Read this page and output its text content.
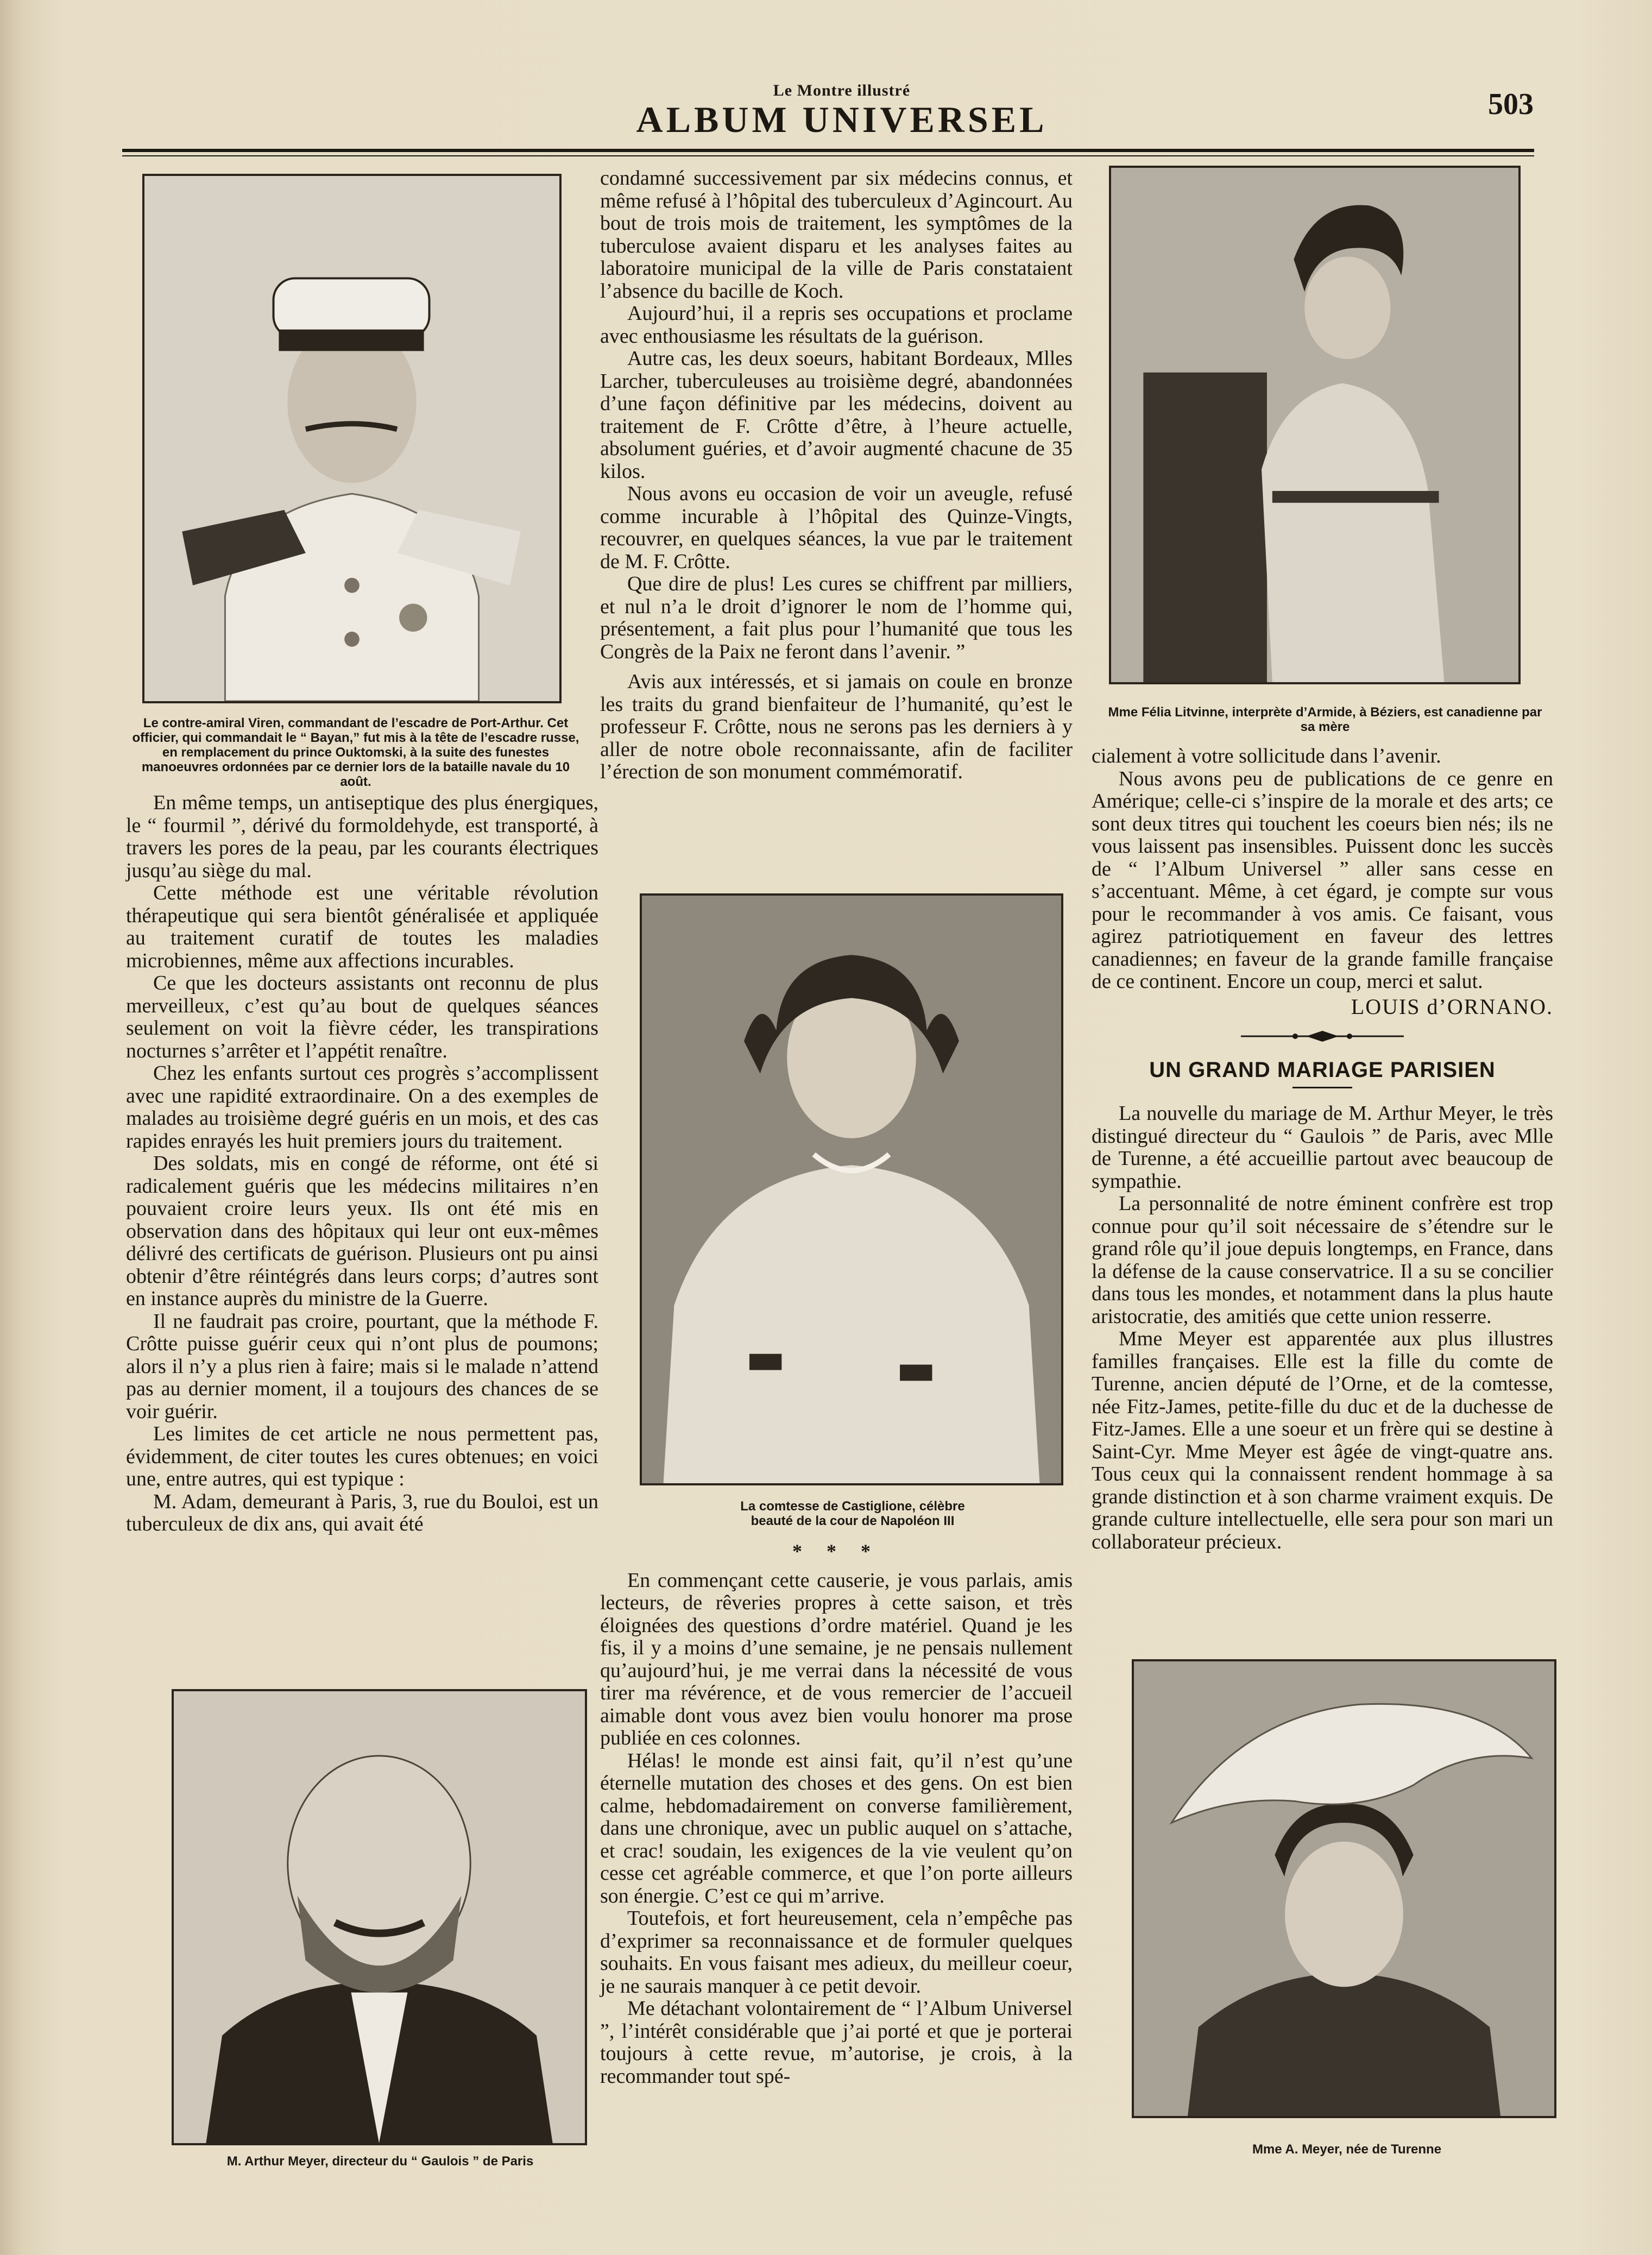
Le Montre illustré
ALBUM UNIVERSEL	503
Le contre-amiral Viren, commandant de l’escadre de Port-Arthur. Cet officier, qui commandait le “ Bayan,” fut mis à la tête de l’escadre russe, en remplacement du prince Ouktomski, à la suite des funestes manoeuvres ordonnées par ce dernier lors de la bataille navale du 10 août.

En même temps, un antiseptique des plus énergiques, le “ fourmil ”, dérivé du formoldehyde, est transporté, à travers les pores de la peau, par les courants électriques jusqu’au siège du mal.

Cette méthode est une véritable révolution thérapeutique qui sera bientôt généralisée et appliquée au traitement curatif de toutes les maladies microbiennes, même aux affections incurables.

Ce que les docteurs assistants ont reconnu de plus merveilleux, c’est qu’au bout de quelques séances seulement on voit la fièvre céder, les transpirations nocturnes s’arrêter et l’appétit renaître.

Chez les enfants surtout ces progrès s’accomplissent avec une rapidité extraordinaire. On a des exemples de malades au troisième degré guéris en un mois, et des cas rapides enrayés les huit premiers jours du traitement.

Des soldats, mis en congé de réforme, ont été si radicalement guéris que les médecins militaires n’en pouvaient croire leurs yeux. Ils ont été mis en observation dans des hôpitaux qui leur ont eux-mêmes délivré des certificats de guérison. Plusieurs ont pu ainsi obtenir d’être réintégrés dans leurs corps; d’autres sont en instance auprès du ministre de la Guerre.

Il ne faudrait pas croire, pourtant, que la méthode F. Crôtte puisse guérir ceux qui n’ont plus de poumons; alors il n’y a plus rien à faire; mais si le malade n’attend pas au dernier moment, il a toujours des chances de se voir guérir.

Les limites de cet article ne nous permettent pas, évidemment, de citer toutes les cures obtenues; en voici une, entre autres, qui est typique :

M. Adam, demeurant à Paris, 3, rue du Bouloi, est un tuberculeux de dix ans, qui avait été

M. Arthur Meyer, directeur du “ Gaulois ” de Paris

condamné successivement par six médecins connus, et même refusé à l’hôpital des tuberculeux d’Agincourt. Au bout de trois mois de traitement, les symptômes de la tuberculose avaient disparu et les analyses faites au laboratoire municipal de la ville de Paris constataient l’absence du bacille de Koch.

Aujourd’hui, il a repris ses occupations et proclame avec enthousiasme les résultats de la guérison.

Autre cas, les deux soeurs, habitant Bordeaux, Mlles Larcher, tuberculeuses au troisième degré, abandonnées d’une façon définitive par les médecins, doivent au traitement de F. Crôtte d’être, à l’heure actuelle, absolument guéries, et d’avoir augmenté chacune de 35 kilos.

Nous avons eu occasion de voir un aveugle, refusé comme incurable à l’hôpital des Quinze-Vingts, recouvrer, en quelques séances, la vue par le traitement de M. F. Crôtte.

Que dire de plus! Les cures se chiffrent par milliers, et nul n’a le droit d’ignorer le nom de l’homme qui, présentement, a fait plus pour l’humanité que tous les Congrès de la Paix ne feront dans l’avenir. ”

Avis aux intéressés, et si jamais on coule en bronze les traits du grand bienfaiteur de l’humanité, qu’est le professeur F. Crôtte, nous ne serons pas les derniers à y aller de notre obole reconnaissante, afin de faciliter l’érection de son monument commémoratif.

La comtesse de Castiglione, célèbre beauté de la cour de Napoléon III
* * *

En commençant cette causerie, je vous parlais, amis lecteurs, de rêveries propres à cette saison, et très éloignées des questions d’ordre matériel. Quand je les fis, il y a moins d’une semaine, je ne pensais nullement qu’aujourd’hui, je me verrai dans la nécessité de vous tirer ma révérence, et de vous remercier de l’accueil aimable dont vous avez bien voulu honorer ma prose publiée en ces colonnes.

Hélas! le monde est ainsi fait, qu’il n’est qu’une éternelle mutation des choses et des gens. On est bien calme, hebdomadairement on converse familièrement, dans une chronique, avec un public auquel on s’attache, et crac! soudain, les exigences de la vie veulent qu’on cesse cet agréable commerce, et que l’on porte ailleurs son énergie. C’est ce qui m’arrive.

Toutefois, et fort heureusement, cela n’empêche pas d’exprimer sa reconnaissance et de formuler quelques souhaits. En vous faisant mes adieux, du meilleur coeur, je ne saurais manquer à ce petit devoir.

Me détachant volontairement de “ l’Album Universel ”, l’intérêt considérable que j’ai porté et que je porterai toujours à cette revue, m’autorise, je crois, à la recommander tout spé-

Mme Félia Litvinne, interprète d’Armide, à Béziers, est canadienne par sa mère

cialement à votre sollicitude dans l’avenir.

Nous avons peu de publications de ce genre en Amérique; celle-ci s’inspire de la morale et des arts; ce sont deux titres qui touchent les coeurs bien nés; ils ne vous laissent pas insensibles. Puissent donc les succès de “ l’Album Universel ” aller sans cesse en s’accentuant. Même, à cet égard, je compte sur vous pour le recommander à vos amis. Ce faisant, vous agirez patriotiquement en faveur des lettres canadiennes; en faveur de la grande famille française de ce continent. Encore un coup, merci et salut.

LOUIS d’ORNANO.
UN GRAND MARIAGE PARISIEN

La nouvelle du mariage de M. Arthur Meyer, le très distingué directeur du “ Gaulois ” de Paris, avec Mlle de Turenne, a été accueillie partout avec beaucoup de sympathie.

La personnalité de notre éminent confrère est trop connue pour qu’il soit nécessaire de s’étendre sur le grand rôle qu’il joue depuis longtemps, en France, dans la défense de la cause conservatrice. Il a su se concilier dans tous les mondes, et notamment dans la plus haute aristocratie, des amitiés que cette union resserre.

Mme Meyer est apparentée aux plus illustres familles françaises. Elle est la fille du comte de Turenne, ancien député de l’Orne, et de la comtesse, née Fitz-James, petite-fille du duc et de la duchesse de Fitz-James. Elle a une soeur et un frère qui se destine à Saint-Cyr. Mme Meyer est âgée de vingt-quatre ans. Tous ceux qui la connaissent rendent hommage à sa grande distinction et à son charme vraiment exquis. De grande culture intellectuelle, elle sera pour son mari un collaborateur précieux.

Mme A. Meyer, née de Turenne
